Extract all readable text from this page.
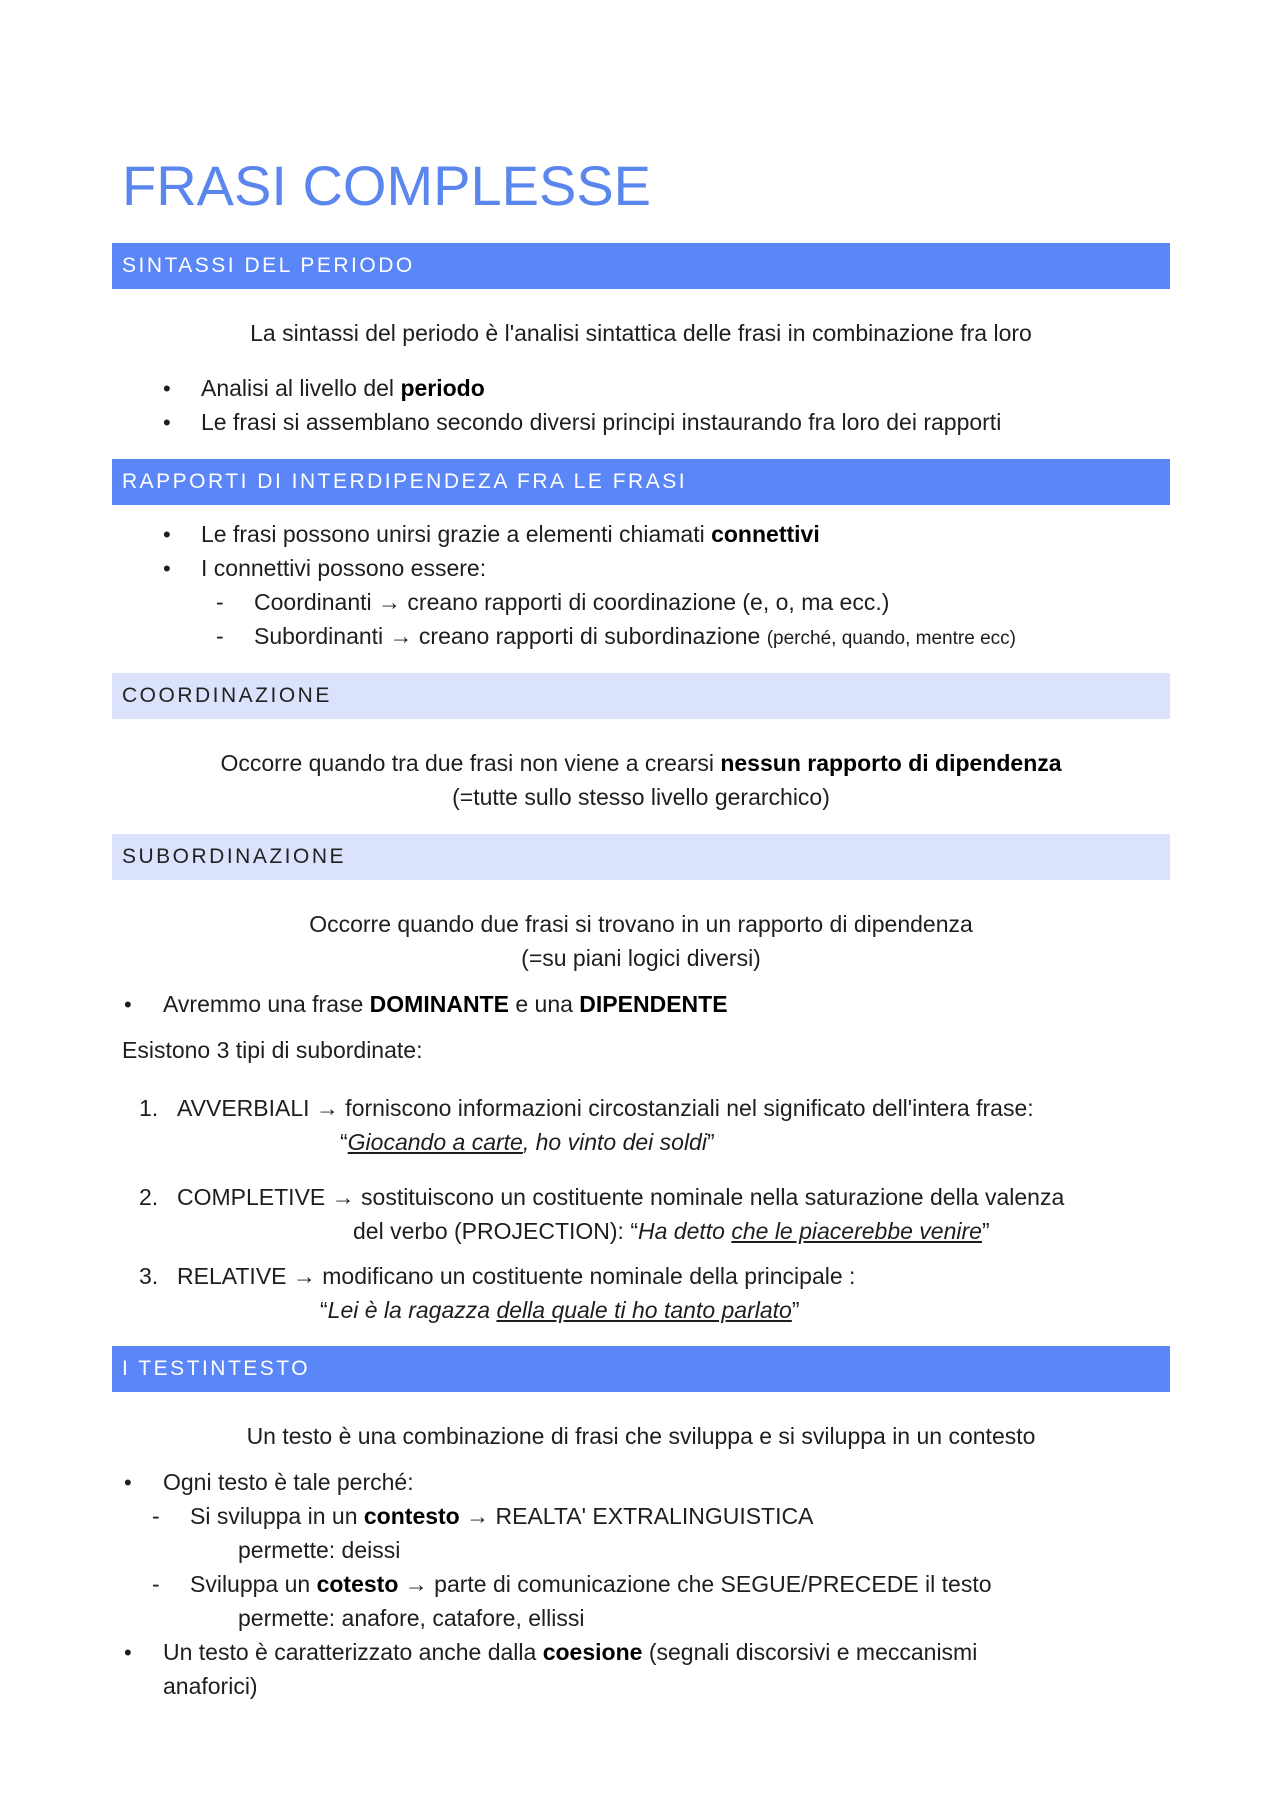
FRASI COMPLESSE
SINTASSI DEL PERIODO
La sintassi del periodo è l'analisi sintattica delle frasi in combinazione fra loro
• Analisi al livello del periodo
• Le frasi si assemblano secondo diversi principi instaurando fra loro dei rapporti
RAPPORTI DI INTERDIPENDEZA FRA LE FRASI
• Le frasi possono unirsi grazie a elementi chiamati connettivi
• I connettivi possono essere:
- Coordinanti → creano rapporti di coordinazione (e, o, ma ecc.)
- Subordinanti → creano rapporti di subordinazione (perché, quando, mentre ecc)
COORDINAZIONE
Occorre quando tra due frasi non viene a crearsi nessun rapporto di dipendenza
(=tutte sullo stesso livello gerarchico)
SUBORDINAZIONE
Occorre quando due frasi si trovano in un rapporto di dipendenza
(=su piani logici diversi)
• Avremmo una frase DOMINANTE e una DIPENDENTE
Esistono 3 tipi di subordinate:
1. AVVERBIALI → forniscono informazioni circostanziali nel significato dell'intera frase:
“Giocando a carte, ho vinto dei soldi”
2. COMPLETIVE → sostituiscono un costituente nominale nella saturazione della valenza
del verbo (PROJECTION): “Ha detto che le piacerebbe venire”
3. RELATIVE → modificano un costituente nominale della principale :
“Lei è la ragazza della quale ti ho tanto parlato”
I TESTINTESTO
Un testo è una combinazione di frasi che sviluppa e si sviluppa in un contesto
• Ogni testo è tale perché:
- Si sviluppa in un contesto → REALTA' EXTRALINGUISTICA
permette: deissi
- Sviluppa un cotesto → parte di comunicazione che SEGUE/PRECEDE il testo
permette: anafore, catafore, ellissi
• Un testo è caratterizzato anche dalla coesione (segnali discorsivi e meccanismi
anaforici)
